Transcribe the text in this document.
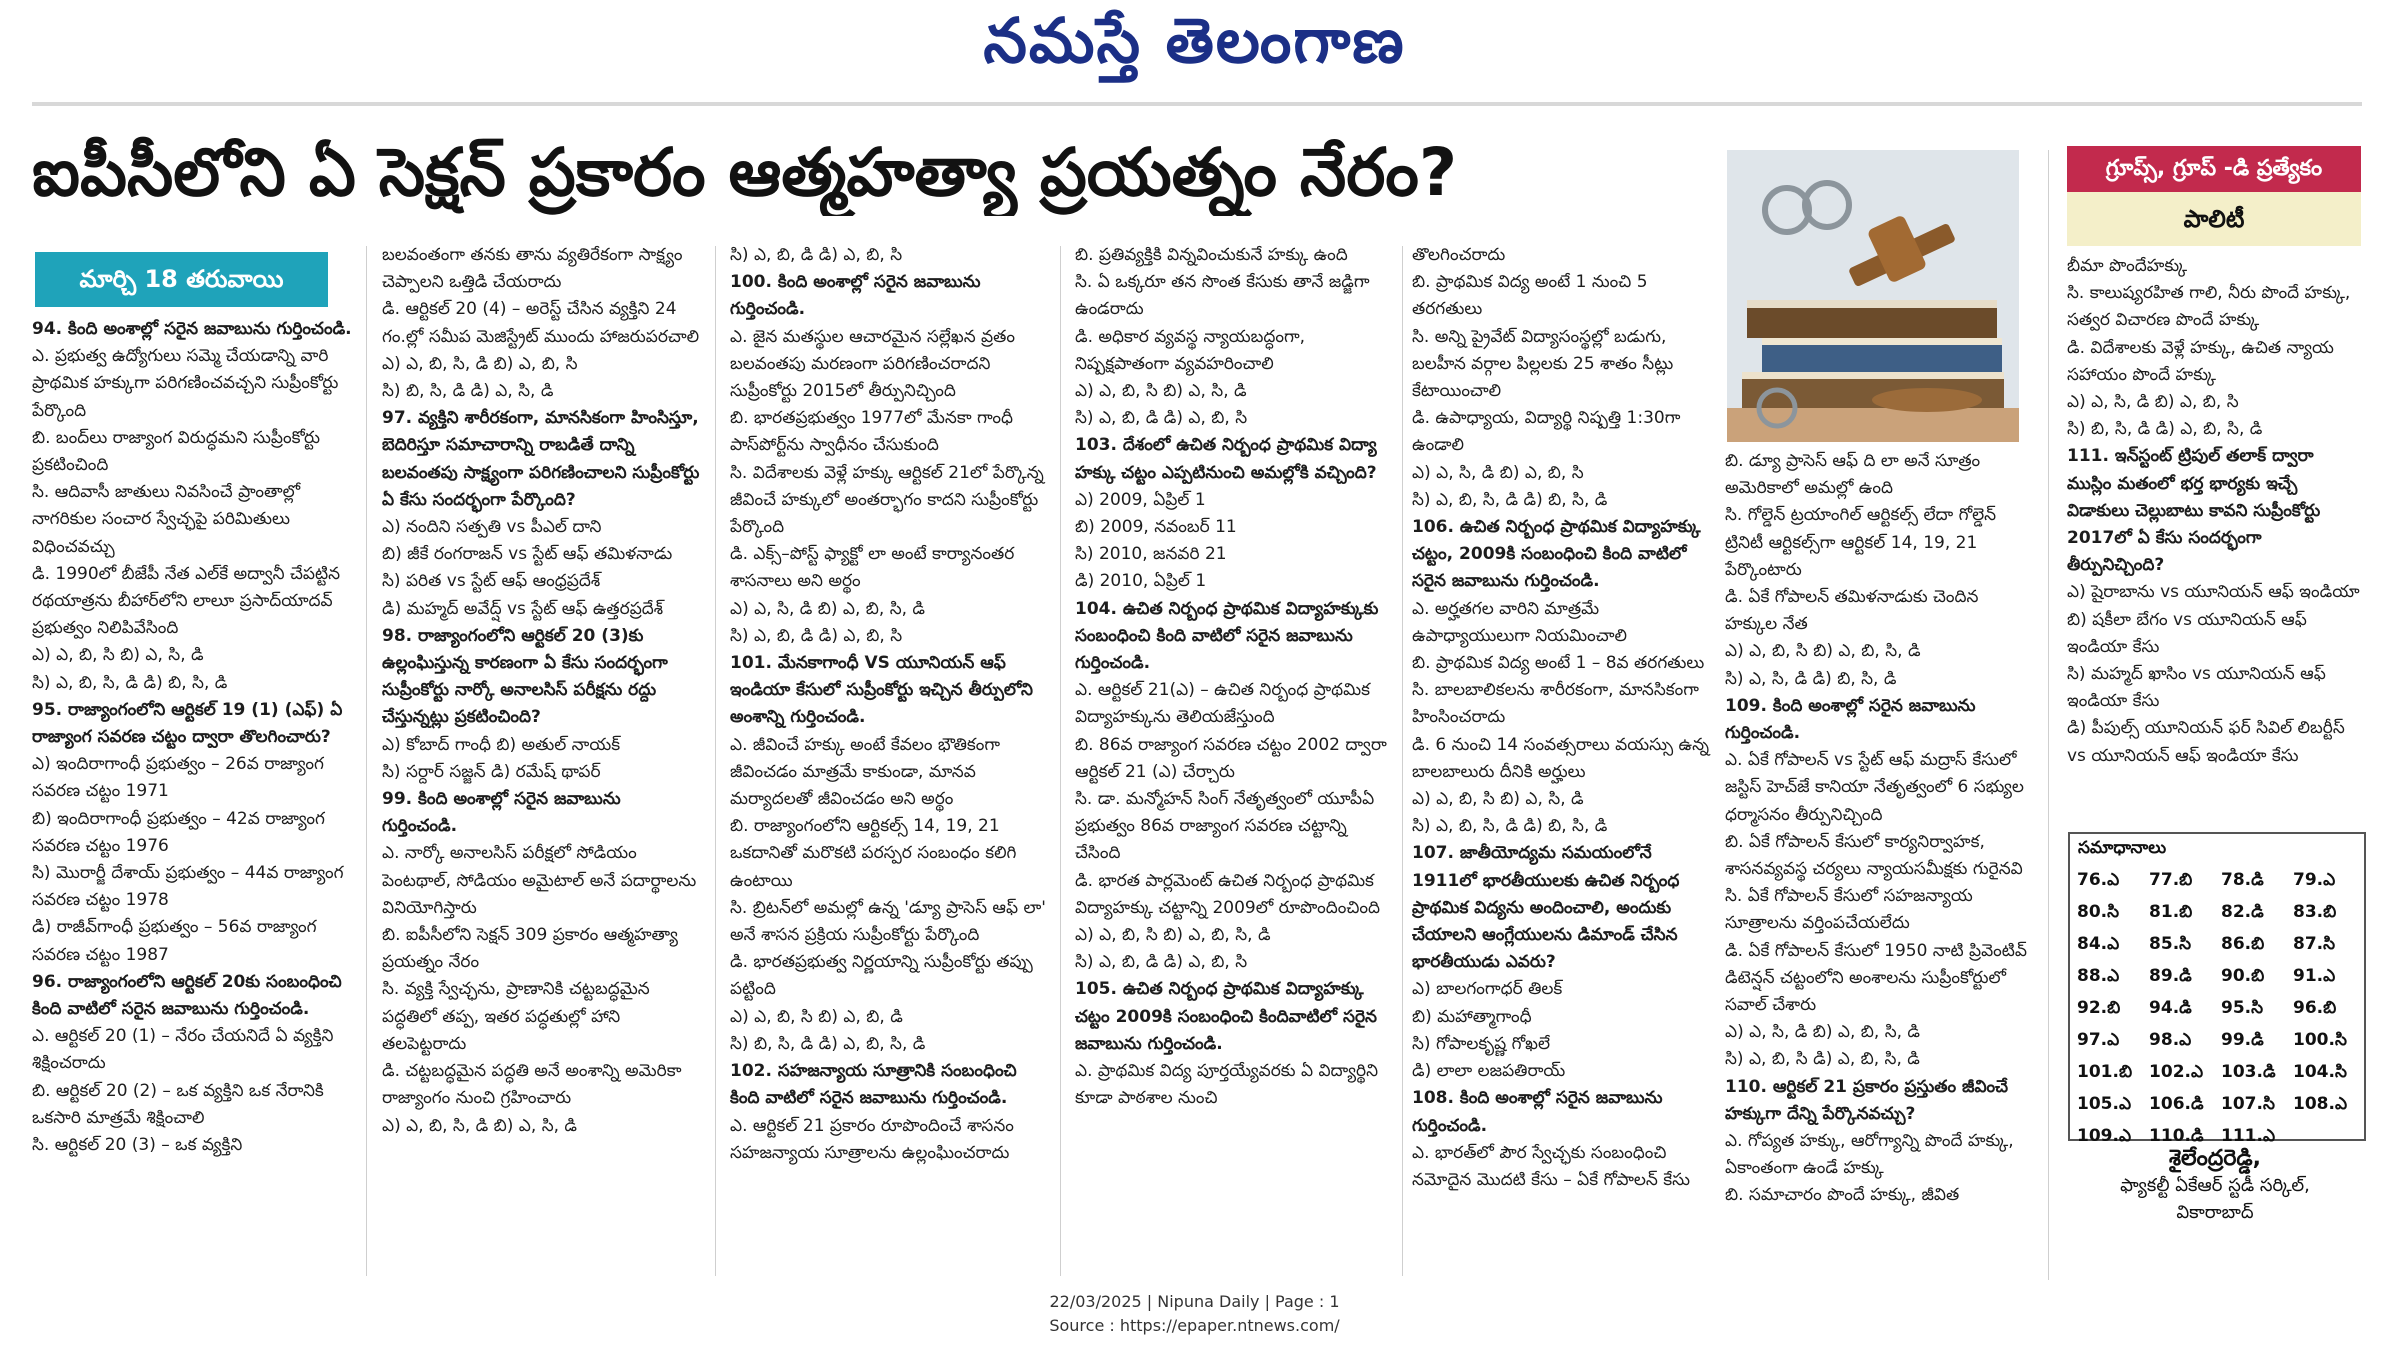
నమస్తే తెలంగాణ
ఐపీసీలోని ఏ సెక్షన్ ప్రకారం ఆత్మహత్యా ప్రయత్నం నేరం?
మార్చి 18 తరువాయి

94. కింది అంశాల్లో సరైన జవాబును గుర్తించండి.

ఎ. ప్రభుత్వ ఉద్యోగులు సమ్మె చేయడాన్ని వారి ప్రాథమిక హక్కుగా పరిగణించవచ్చని సుప్రీంకోర్టు పేర్కొంది

బి. బంద్‌లు రాజ్యాంగ విరుద్ధమని సుప్రీంకోర్టు ప్రకటించింది

సి. ఆదివాసీ జాతులు నివసించే ప్రాంతాల్లో నాగరికుల సంచార స్వేచ్ఛపై పరిమితులు విధించవచ్చు

డి. 1990లో బీజేపీ నేత ఎల్‌కే అద్వానీ చేపట్టిన రథయాత్రను బీహార్‌లోని లాలూ ప్రసాద్‌యాదవ్ ప్రభుత్వం నిలిపివేసింది

ఎ) ఎ, బి, సి బి) ఎ, సి, డి

సి) ఎ, బి, సి, డి డి) బి, సి, డి

95. రాజ్యాంగంలోని ఆర్టికల్ 19 (1) (ఎఫ్) ఏ రాజ్యాంగ సవరణ చట్టం ద్వారా తొలగించారు?

ఎ) ఇందిరాగాంధీ ప్రభుత్వం – 26వ రాజ్యాంగ సవరణ చట్టం 1971

బి) ఇందిరాగాంధీ ప్రభుత్వం – 42వ రాజ్యాంగ సవరణ చట్టం 1976

సి) మొరార్జీ దేశాయ్ ప్రభుత్వం – 44వ రాజ్యాంగ సవరణ చట్టం 1978

డి) రాజీవ్‌గాంధీ ప్రభుత్వం – 56వ రాజ్యాంగ సవరణ చట్టం 1987

96. రాజ్యాంగంలోని ఆర్టికల్ 20కు సంబంధించి కింది వాటిలో సరైన జవాబును గుర్తించండి.

ఎ. ఆర్టికల్ 20 (1) – నేరం చేయనిదే ఏ వ్యక్తిని శిక్షించరాదు

బి. ఆర్టికల్ 20 (2) – ఒక వ్యక్తిని ఒక నేరానికి ఒకసారి మాత్రమే శిక్షించాలి

సి. ఆర్టికల్ 20 (3) – ఒక వ్యక్తిని

బలవంతంగా తనకు తాను వ్యతిరేకంగా సాక్ష్యం చెప్పాలని ఒత్తిడి చేయరాదు

డి. ఆర్టికల్ 20 (4) – అరెస్ట్ చేసిన వ్యక్తిని 24 గం.ల్లో సమీప మెజిస్ట్రేట్ ముందు హాజరుపరచాలి

ఎ) ఎ, బి, సి, డి బి) ఎ, బి, సి

సి) బి, సి, డి డి) ఎ, సి, డి

97. వ్యక్తిని శారీరకంగా, మానసికంగా హింసిస్తూ, బెదిరిస్తూ సమాచారాన్ని రాబడితే దాన్ని బలవంతపు సాక్ష్యంగా పరిగణించాలని సుప్రీంకోర్టు ఏ కేసు సందర్భంగా పేర్కొంది?

ఎ) నందిని సత్పతి vs పీఎల్ దాని

బి) జీకే రంగరాజన్ vs స్టేట్ ఆఫ్ తమిళనాడు

సి) పరిత vs స్టేట్ ఆఫ్ ఆంధ్రప్రదేశ్

డి) మహ్మద్ అవేద్ష్ vs స్టేట్ ఆఫ్ ఉత్తరప్రదేశ్

98. రాజ్యాంగంలోని ఆర్టికల్ 20 (3)కు ఉల్లంఘిస్తున్న కారణంగా ఏ కేసు సందర్భంగా సుప్రీంకోర్టు నార్కో అనాలసిస్ పరీక్షను రద్దు చేస్తున్నట్లు ప్రకటించింది?

ఎ) కోబాద్ గాంధీ బి) అతుల్ నాయక్

సి) సర్దార్ సజ్జన్ డి) రమేష్ థాపర్

99. కింది అంశాల్లో సరైన జవాబును గుర్తించండి.

ఎ. నార్కో అనాలసిస్ పరీక్షలో సోడియం పెంటథాల్, సోడియం అమైటాల్ అనే పదార్థాలను వినియోగిస్తారు

బి. ఐపీసీలోని సెక్షన్ 309 ప్రకారం ఆత్మహత్యా ప్రయత్నం నేరం

సి. వ్యక్తి స్వేచ్ఛను, ప్రాణానికి చట్టబద్ధమైన పద్ధతిలో తప్ప, ఇతర పద్ధతుల్లో హాని తలపెట్టరాదు

డి. చట్టబద్ధమైన పద్ధతి అనే అంశాన్ని అమెరికా రాజ్యాంగం నుంచి గ్రహించారు

ఎ) ఎ, బి, సి, డి బి) ఎ, సి, డి

సి) ఎ, బి, డి డి) ఎ, బి, సి

100. కింది అంశాల్లో సరైన జవాబును గుర్తించండి.

ఎ. జైన మతస్థుల ఆచారమైన సల్లేఖన వ్రతం బలవంతపు మరణంగా పరిగణించరాదని సుప్రీంకోర్టు 2015లో తీర్పునిచ్చింది

బి. భారతప్రభుత్వం 1977లో మేనకా గాంధీ పాస్‌పోర్ట్‌ను స్వాధీనం చేసుకుంది

సి. విదేశాలకు వెళ్లే హక్కు ఆర్టికల్ 21లో పేర్కొన్న జీవించే హక్కులో అంతర్భాగం కాదని సుప్రీంకోర్టు పేర్కొంది

డి. ఎక్స్‌–పోస్ట్ ఫ్యాక్టో లా అంటే కార్యానంతర శాసనాలు అని అర్థం

ఎ) ఎ, సి, డి బి) ఎ, బి, సి, డి

సి) ఎ, బి, డి డి) ఎ, బి, సి

101. మేనకాగాంధీ VS యూనియన్ ఆఫ్ ఇండియా కేసులో సుప్రీంకోర్టు ఇచ్చిన తీర్పులోని అంశాన్ని గుర్తించండి.

ఎ. జీవించే హక్కు అంటే కేవలం భౌతికంగా జీవించడం మాత్రమే కాకుండా, మానవ మర్యాదలతో జీవించడం అని అర్థం

బి. రాజ్యాంగంలోని ఆర్టికల్స్ 14, 19, 21 ఒకదానితో మరొకటి పరస్పర సంబంధం కలిగి ఉంటాయి

సి. బ్రిటన్‌లో అమల్లో ఉన్న 'డ్యూ ప్రాసెస్ ఆఫ్ లా' అనే శాసన ప్రక్రియ సుప్రీంకోర్టు పేర్కొంది

డి. భారతప్రభుత్వ నిర్ణయాన్ని సుప్రీంకోర్టు తప్పు పట్టింది

ఎ) ఎ, బి, సి బి) ఎ, బి, డి

సి) బి, సి, డి డి) ఎ, బి, సి, డి

102. సహజన్యాయ సూత్రానికి సంబంధించి కింది వాటిలో సరైన జవాబును గుర్తించండి.

ఎ. ఆర్టికల్ 21 ప్రకారం రూపొందించే శాసనం సహజన్యాయ సూత్రాలను ఉల్లంఘించరాదు

బి. ప్రతివ్యక్తికి విన్నవించుకునే హక్కు ఉంది

సి. ఏ ఒక్కరూ తన సొంత కేసుకు తానే జడ్జిగా ఉండరాదు

డి. అధికార వ్యవస్థ న్యాయబద్ధంగా, నిష్పక్షపాతంగా వ్యవహరించాలి

ఎ) ఎ, బి, సి బి) ఎ, సి, డి

సి) ఎ, బి, డి డి) ఎ, బి, సి

103. దేశంలో ఉచిత నిర్బంధ ప్రాథమిక విద్యా హక్కు చట్టం ఎప్పటినుంచి అమల్లోకి వచ్చింది?

ఎ) 2009, ఏప్రిల్ 1

బి) 2009, నవంబర్ 11

సి) 2010, జనవరి 21

డి) 2010, ఏప్రిల్ 1

104. ఉచిత నిర్బంధ ప్రాథమిక విద్యాహక్కుకు సంబంధించి కింది వాటిలో సరైన జవాబును గుర్తించండి.

ఎ. ఆర్టికల్ 21(ఎ) – ఉచిత నిర్బంధ ప్రాథమిక విద్యాహక్కును తెలియజేస్తుంది

బి. 86వ రాజ్యాంగ సవరణ చట్టం 2002 ద్వారా ఆర్టికల్ 21 (ఎ) చేర్చారు

సి. డా. మన్మోహన్ సింగ్ నేతృత్వంలో యూపీఏ ప్రభుత్వం 86వ రాజ్యాంగ సవరణ చట్టాన్ని చేసింది

డి. భారత పార్లమెంట్ ఉచిత నిర్బంధ ప్రాథమిక విద్యాహక్కు చట్టాన్ని 2009లో రూపొందించింది

ఎ) ఎ, బి, సి బి) ఎ, బి, సి, డి

సి) ఎ, బి, డి డి) ఎ, బి, సి

105. ఉచిత నిర్బంధ ప్రాథమిక విద్యాహక్కు చట్టం 2009కి సంబంధించి కిందివాటిలో సరైన జవాబును గుర్తించండి.

ఎ. ప్రాథమిక విద్య పూర్తయ్యేవరకు ఏ విద్యార్థిని కూడా పాఠశాల నుంచి

తొలగించరాదు

బి. ప్రాథమిక విద్య అంటే 1 నుంచి 5 తరగతులు

సి. అన్ని ప్రైవేట్ విద్యాసంస్థల్లో బడుగు, బలహీన వర్గాల పిల్లలకు 25 శాతం సీట్లు కేటాయించాలి

డి. ఉపాధ్యాయ, విద్యార్థి నిష్పత్తి 1:30గా ఉండాలి

ఎ) ఎ, సి, డి బి) ఎ, బి, సి

సి) ఎ, బి, సి, డి డి) బి, సి, డి

106. ఉచిత నిర్బంధ ప్రాథమిక విద్యాహక్కు చట్టం, 2009కి సంబంధించి కింది వాటిలో సరైన జవాబును గుర్తించండి.

ఎ. అర్హతగల వారిని మాత్రమే ఉపాధ్యాయులుగా నియమించాలి

బి. ప్రాథమిక విద్య అంటే 1 – 8వ తరగతులు

సి. బాలబాలికలను శారీరకంగా, మానసికంగా హింసించరాదు

డి. 6 నుంచి 14 సంవత్సరాలు వయస్సు ఉన్న బాలబాలురు దీనికి అర్హులు

ఎ) ఎ, బి, సి బి) ఎ, సి, డి

సి) ఎ, బి, సి, డి డి) బి, సి, డి

107. జాతీయోద్యమ సమయంలోనే 1911లో భారతీయులకు ఉచిత నిర్బంధ ప్రాథమిక విద్యను అందించాలి, అందుకు చేయాలని ఆంగ్లేయులను డిమాండ్ చేసిన భారతీయుడు ఎవరు?

ఎ) బాలగంగాధర్ తిలక్

బి) మహాత్మాగాంధీ

సి) గోపాలకృష్ణ గోఖలే

డి) లాలా లజపతిరాయ్

108. కింది అంశాల్లో సరైన జవాబును గుర్తించండి.

ఎ. భారత్‌లో పౌర స్వేచ్ఛకు సంబంధించి నమోదైన మొదటి కేసు – ఏకే గోపాలన్ కేసు

బి. డ్యూ ప్రాసెస్ ఆఫ్ ది లా అనే సూత్రం అమెరికాలో అమల్లో ఉంది

సి. గోల్డెన్ ట్రయాంగిల్ ఆర్టికల్స్ లేదా గోల్డెన్ ట్రినిటీ ఆర్టికల్స్‌గా ఆర్టికల్ 14, 19, 21 పేర్కొంటారు

డి. ఏకే గోపాలన్ తమిళనాడుకు చెందిన హక్కుల నేత

ఎ) ఎ, బి, సి బి) ఎ, బి, సి, డి

సి) ఎ, సి, డి డి) బి, సి, డి

109. కింది అంశాల్లో సరైన జవాబును గుర్తించండి.

ఎ. ఏకే గోపాలన్ vs స్టేట్ ఆఫ్ మద్రాస్ కేసులో జస్టిస్ హెచ్‌జే కానియా నేతృత్వంలో 6 సభ్యుల ధర్మాసనం తీర్పునిచ్చింది

బి. ఏకే గోపాలన్ కేసులో కార్యనిర్వాహక, శాసనవ్యవస్థ చర్యలు న్యాయసమీక్షకు గురైనవి

సి. ఏకే గోపాలన్ కేసులో సహజన్యాయ సూత్రాలను వర్తింపచేయలేదు

డి. ఏకే గోపాలన్ కేసులో 1950 నాటి ప్రివెంటివ్ డిటెన్షన్ చట్టంలోని అంశాలను సుప్రీంకోర్టులో సవాల్ చేశారు

ఎ) ఎ, సి, డి బి) ఎ, బి, సి, డి

సి) ఎ, బి, సి డి) ఎ, బి, సి, డి

110. ఆర్టికల్ 21 ప్రకారం ప్రస్తుతం జీవించే హక్కుగా దేన్ని పేర్కొనవచ్చు?

ఎ. గోప్యత హక్కు, ఆరోగ్యాన్ని పొందే హక్కు, ఏకాంతంగా ఉండే హక్కు

బి. సమాచారం పొందే హక్కు, జీవిత

గ్రూప్స్, గ్రూప్ -డి ప్రత్యేకం
పాలిటీ

బీమా పొందేహక్కు

సి. కాలుష్యరహిత గాలి, నీరు పొందే హక్కు, సత్వర విచారణ పొందే హక్కు

డి. విదేశాలకు వెళ్లే హక్కు, ఉచిత న్యాయ సహాయం పొందే హక్కు

ఎ) ఎ, సి, డి బి) ఎ, బి, సి

సి) బి, సి, డి డి) ఎ, బి, సి, డి

111. ఇన్‌స్టంట్ ట్రిపుల్ తలాక్ ద్వారా ముస్లిం మతంలో భర్త భార్యకు ఇచ్చే విడాకులు చెల్లుబాటు కావని సుప్రీంకోర్టు 2017లో ఏ కేసు సందర్భంగా తీర్పునిచ్చింది?

ఎ) షైరాబాను vs యూనియన్ ఆఫ్ ఇండియా

బి) షకీలా బేగం vs యూనియన్ ఆఫ్ ఇండియా కేసు

సి) మహ్మద్ ఖాసిం vs యూనియన్ ఆఫ్ ఇండియా కేసు

డి) పీపుల్స్ యూనియన్ ఫర్ సివిల్ లిబర్టీస్ vs యూనియన్ ఆఫ్ ఇండియా కేసు

సమాధానాలు
76.ఎ	77.బి	78.డి	79.ఎ
80.సి	81.బి	82.డి	83.బి
84.ఎ	85.సి	86.బి	87.సి
88.ఎ	89.డి	90.బి	91.ఎ
92.బి	94.డి	95.సి	96.బి
97.ఎ	98.ఎ	99.డి	100.సి
101.బి	102.ఎ	103.డి	104.సి
105.ఎ	106.డి	107.సి	108.ఎ
109.ఎ	110.డి	111.ఎ	
శైలేంద్రరెడ్డి,
ఫ్యాకల్టీ ఏకేఆర్ స్టడీ సర్కిల్,
వికారాబాద్
22/03/2025 | Nipuna Daily | Page : 1
Source : https://epaper.ntnews.com/
